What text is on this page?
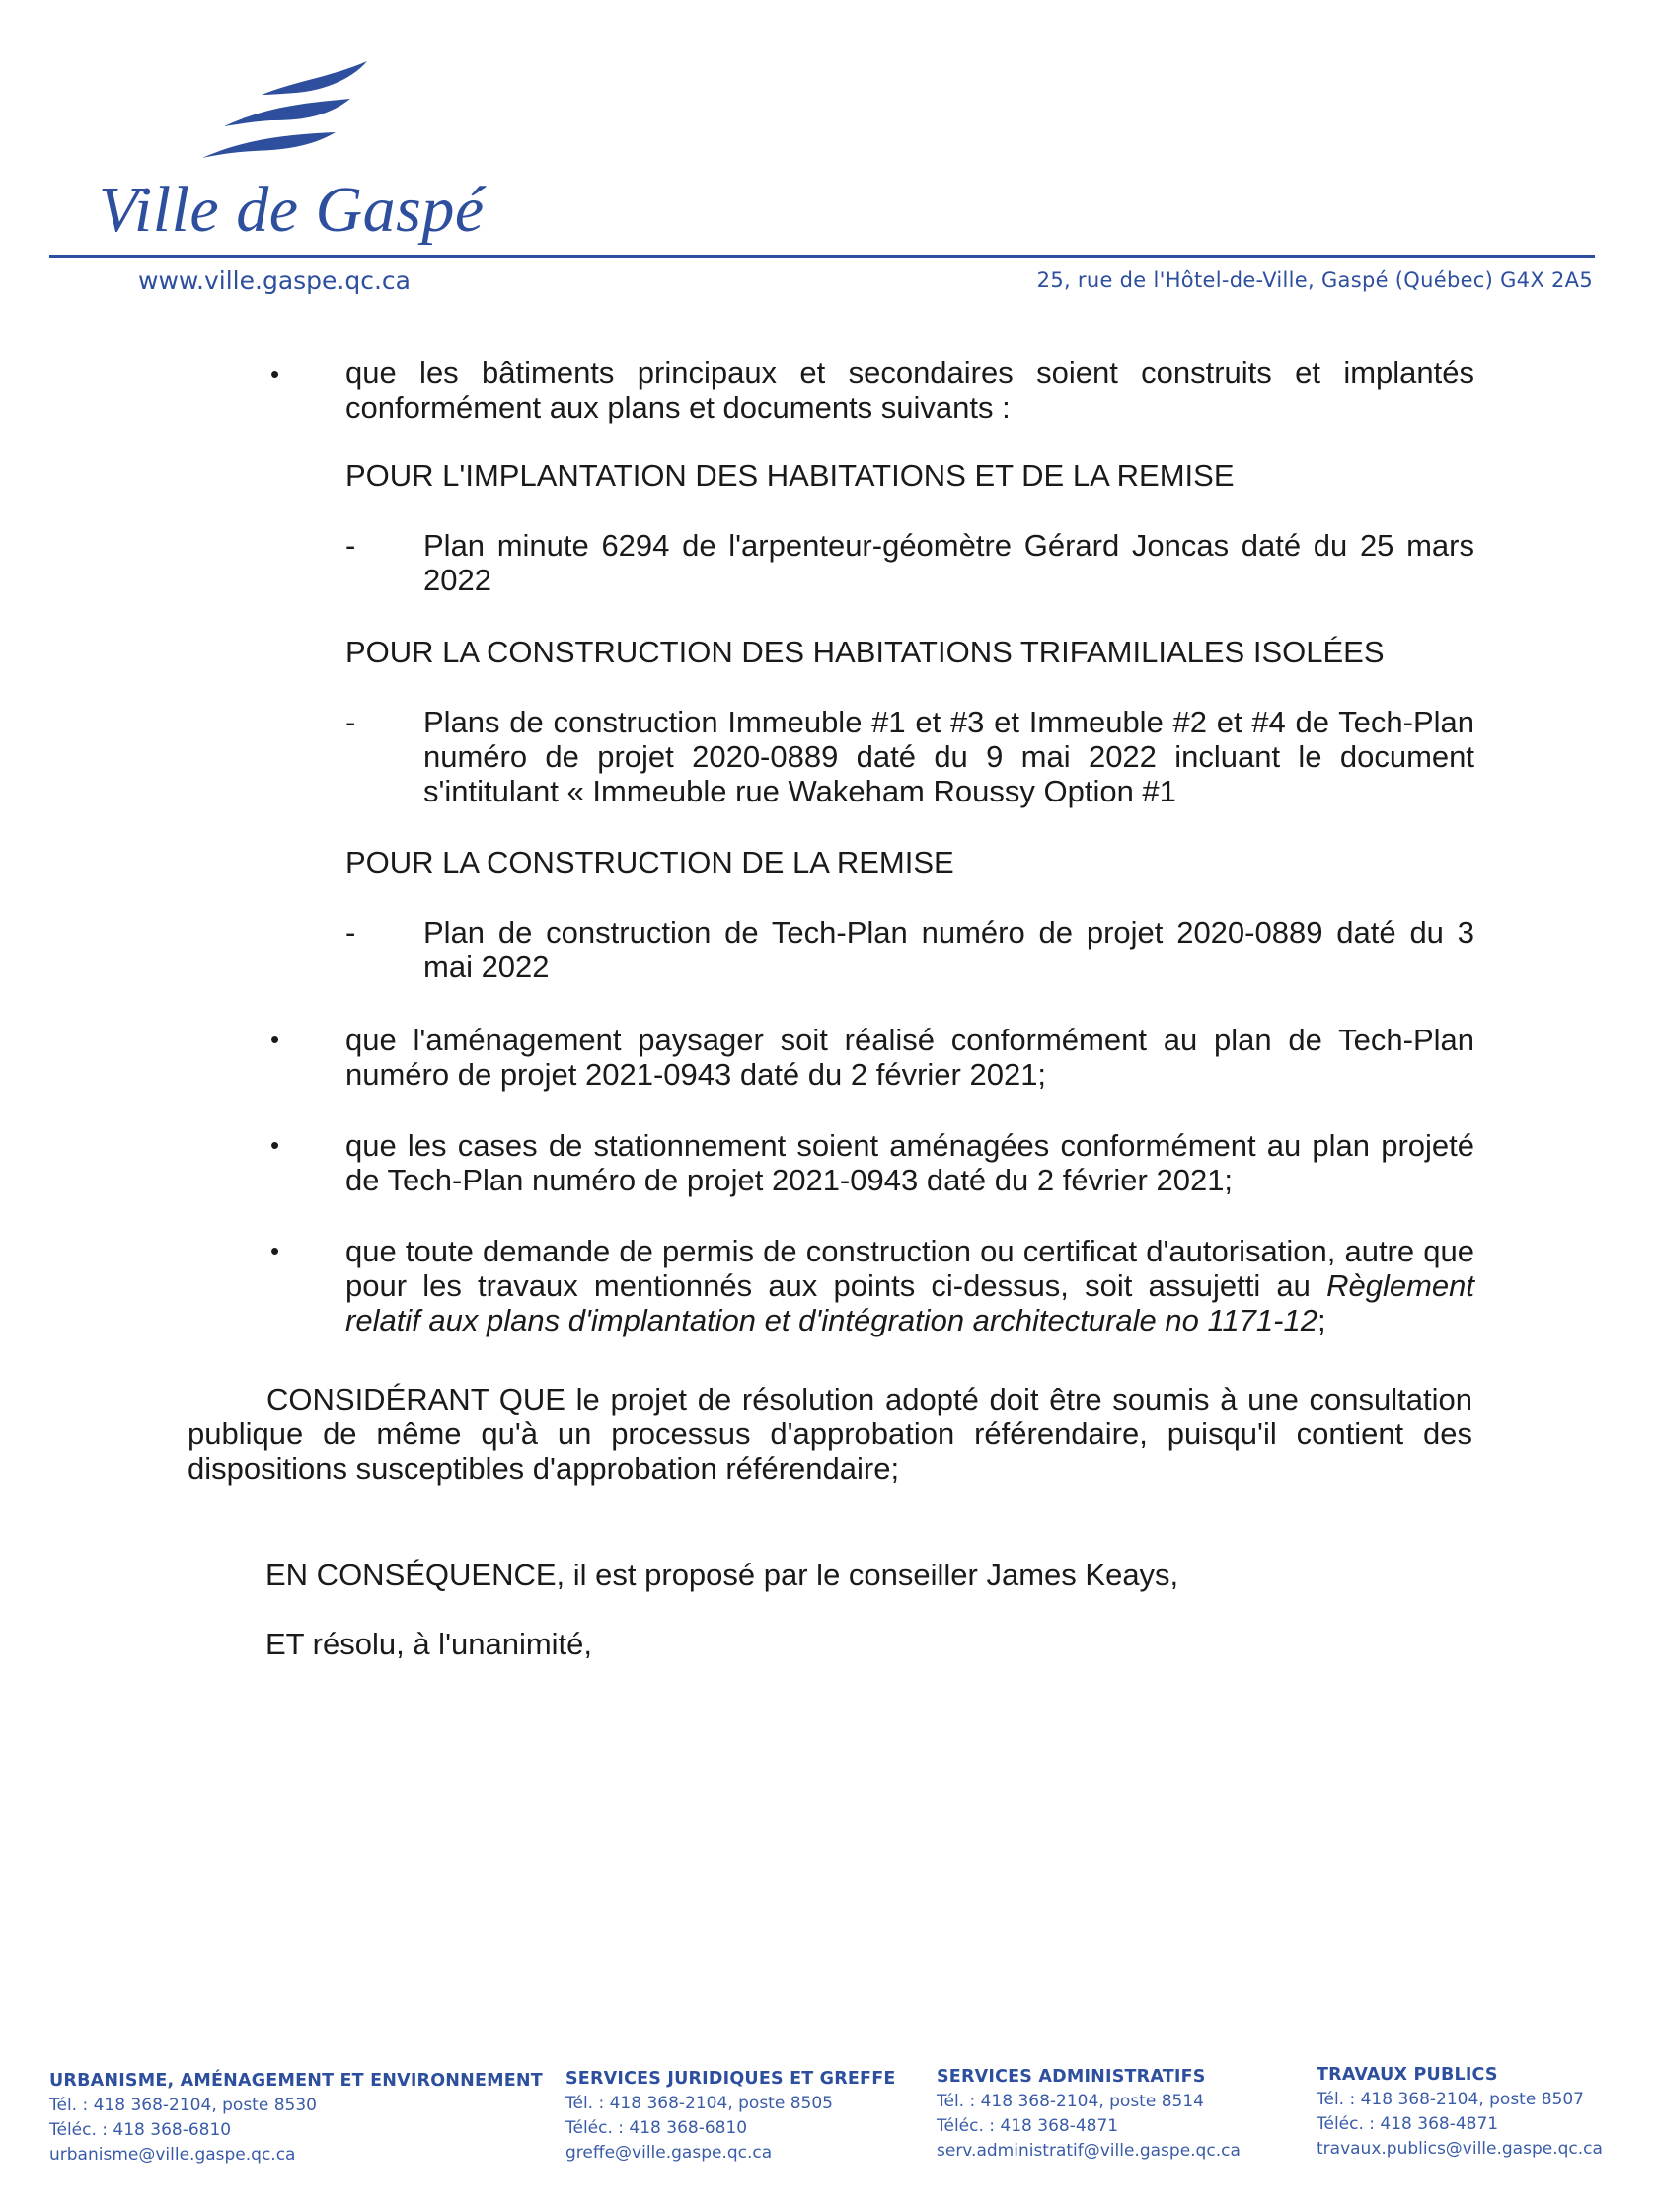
Ville de Gaspé
www.ville.gaspe.qc.ca	25, rue de l'Hôtel-de-Ville, Gaspé (Québec) G4X 2A5
• que les bâtiments principaux et secondaires soient construits et implantés conformément aux plans et documents suivants :
POUR L'IMPLANTATION DES HABITATIONS ET DE LA REMISE
- Plan minute 6294 de l'arpenteur-géomètre Gérard Joncas daté du 25 mars 2022
POUR LA CONSTRUCTION DES HABITATIONS TRIFAMILIALES ISOLÉES
- Plans de construction Immeuble #1 et #3 et Immeuble #2 et #4 de Tech-Plan numéro de projet 2020-0889 daté du 9 mai 2022 incluant le document s'intitulant « Immeuble rue Wakeham Roussy Option #1
POUR LA CONSTRUCTION DE LA REMISE
- Plan de construction de Tech-Plan numéro de projet 2020-0889 daté du 3 mai 2022
• que l'aménagement paysager soit réalisé conformément au plan de Tech-Plan numéro de projet 2021-0943 daté du 2 février 2021;
• que les cases de stationnement soient aménagées conformément au plan projeté de Tech-Plan numéro de projet 2021-0943 daté du 2 février 2021;
• que toute demande de permis de construction ou certificat d'autorisation, autre que pour les travaux mentionnés aux points ci-dessus, soit assujetti au Règlement relatif aux plans d'implantation et d'intégration architecturale no 1171-12;
CONSIDÉRANT QUE le projet de résolution adopté doit être soumis à une consultation publique de même qu'à un processus d'approbation référendaire, puisqu'il contient des dispositions susceptibles d'approbation référendaire;
EN CONSÉQUENCE, il est proposé par le conseiller James Keays,
ET résolu, à l'unanimité,
URBANISME, AMÉNAGEMENT ET ENVIRONNEMENT
Tél. : 418 368-2104, poste 8530
Téléc. : 418 368-6810
urbanisme@ville.gaspe.qc.ca
SERVICES JURIDIQUES ET GREFFE
Tél. : 418 368-2104, poste 8505
Téléc. : 418 368-6810
greffe@ville.gaspe.qc.ca
SERVICES ADMINISTRATIFS
Tél. : 418 368-2104, poste 8514
Téléc. : 418 368-4871
serv.administratif@ville.gaspe.qc.ca
TRAVAUX PUBLICS
Tél. : 418 368-2104, poste 8507
Téléc. : 418 368-4871
travaux.publics@ville.gaspe.qc.ca
